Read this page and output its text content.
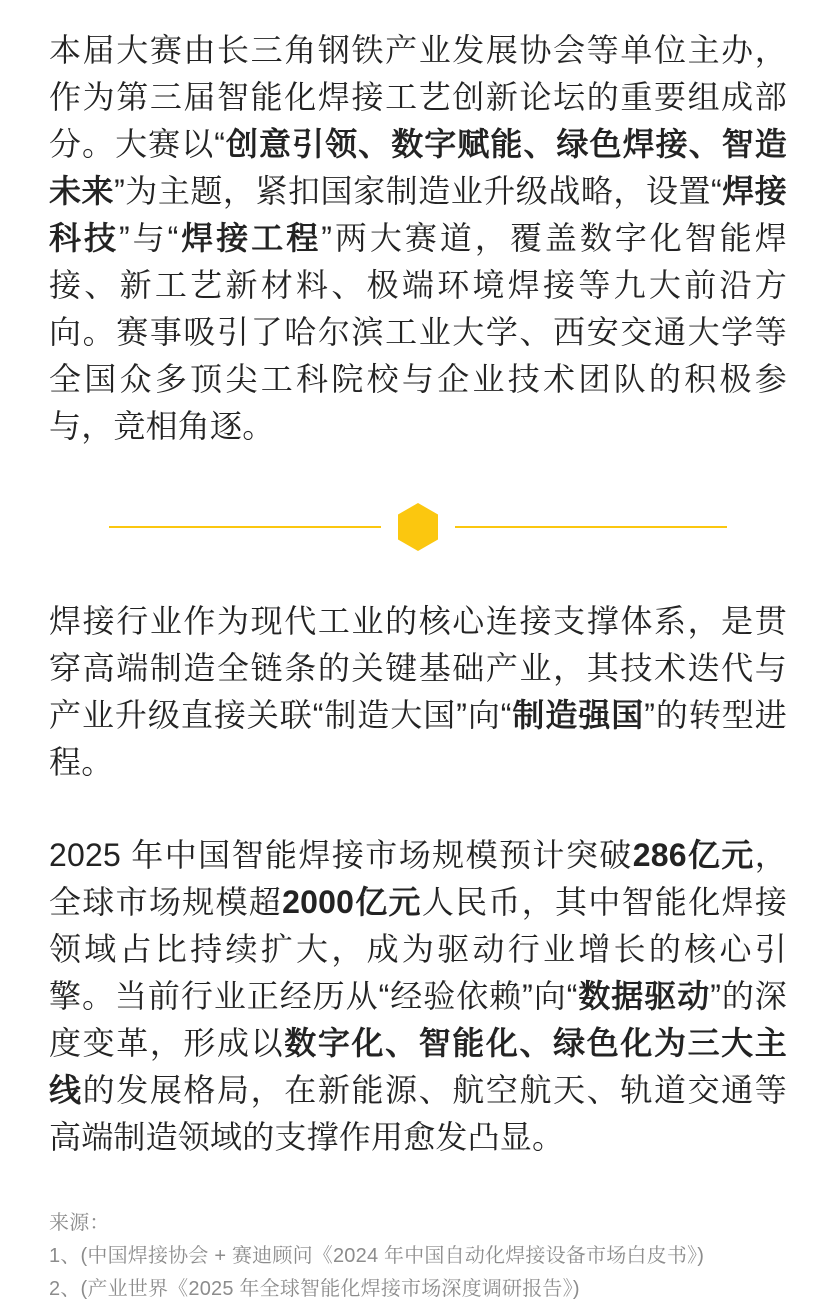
本届大赛由长三角钢铁产业发展协会等单位主办，作为第三届智能化焊接工艺创新论坛的重要组成部分。大赛以“创意引领、数字赋能、绿色焊接、智造未来”为主题，紧扣国家制造业升级战略，设置“焊接科技”与“焊接工程”两大赛道，覆盖数字化智能焊接、新工艺新材料、极端环境焊接等九大前沿方向。赛事吸引了哈尔滨工业大学、西安交通大学等全国众多顶尖工科院校与企业技术团队的积极参与，竞相角逐。

焊接行业作为现代工业的核心连接支撑体系，是贯穿高端制造全链条的关键基础产业，其技术迭代与产业升级直接关联“制造大国”向“制造强国”的转型进程。

2025 年中国智能焊接市场规模预计突破286亿元，全球市场规模超2000亿元人民币，其中智能化焊接领域占比持续扩大，成为驱动行业增长的核心引擎。当前行业正经历从“经验依赖”向“数据驱动”的深度变革，形成以数字化、智能化、绿色化为三大主线的发展格局，在新能源、航空航天、轨道交通等高端制造领域的支撑作用愈发凸显。

来源：
1、(中国焊接协会 + 赛迪顾问《2024 年中国自动化焊接设备市场白皮书》)
2、(产业世界《2025 年全球智能化焊接市场深度调研报告》)
